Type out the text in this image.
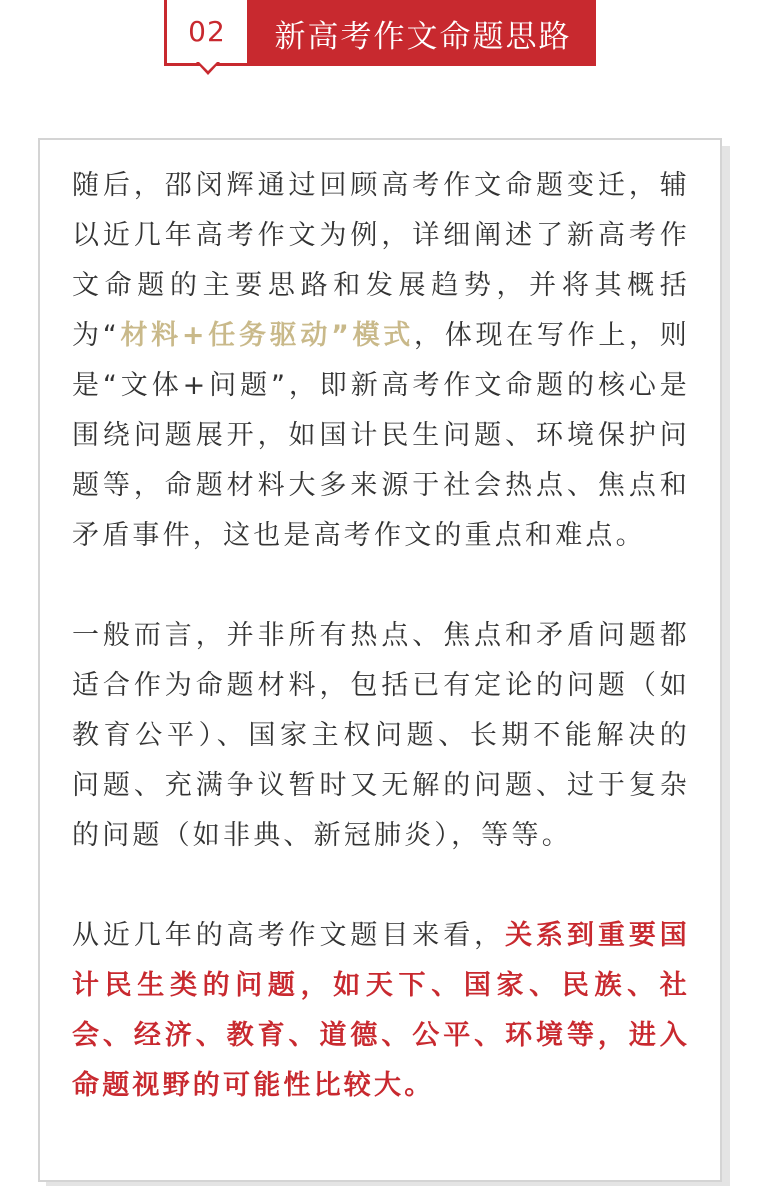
02 新高考作文命题思路

随后，邵闵辉通过回顾高考作文命题变迁，辅以近几年高考作文为例，详细阐述了新高考作文命题的主要思路和发展趋势，并将其概括为“材料+任务驱动”模式，体现在写作上，则是“文体+问题”，即新高考作文命题的核心是围绕问题展开，如国计民生问题、环境保护问题等，命题材料大多来源于社会热点、焦点和矛盾事件，这也是高考作文的重点和难点。

一般而言，并非所有热点、焦点和矛盾问题都适合作为命题材料，包括已有定论的问题（如教育公平）、国家主权问题、长期不能解决的问题、充满争议暂时又无解的问题、过于复杂的问题（如非典、新冠肺炎），等等。

从近几年的高考作文题目来看，关系到重要国计民生类的问题，如天下、国家、民族、社会、经济、教育、道德、公平、环境等，进入命题视野的可能性比较大。
